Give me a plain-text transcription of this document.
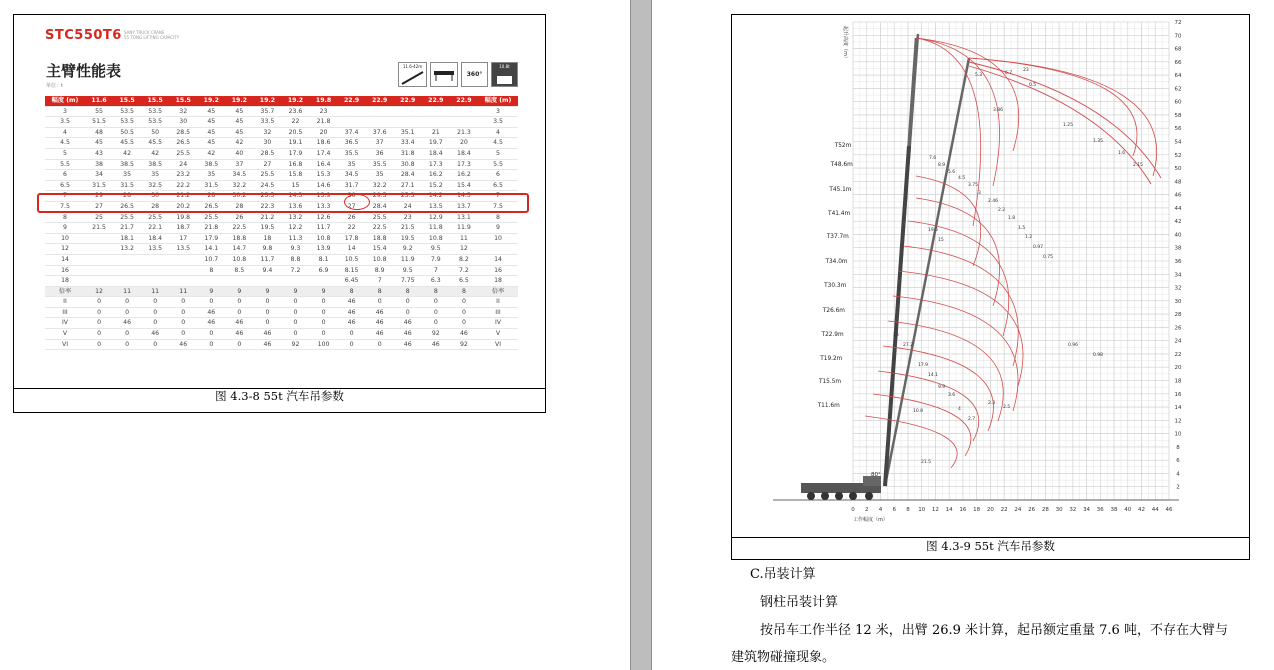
STC550T6 SANY TRUCK CRANE
55 TONG LIFTING CAPACITY
主臂性能表
单位：t
11.6-42m
360°
10.8t
幅度 (m)	11.6	15.5	15.5	15.5	19.2	19.2	19.2	19.2	19.8	22.9	22.9	22.9	22.9	22.9	幅度 (m)
3	55	53.5	53.5	32	45	45	35.7	23.6	23						3
3.5	51.5	53.5	53.5	30	45	45	33.5	22	21.8						3.5
4	48	50.5	50	28.5	45	45	32	20.5	20	37.4	37.6	35.1	21	21.3	4
4.5	45	45.5	45.5	26.5	45	42	30	19.1	18.6	36.5	37	33.4	19.7	20	4.5
5	43	42	42	25.5	42	40	28.5	17.9	17.4	35.5	36	31.8	18.4	18.4	5
5.5	38	38.5	38.5	24	38.5	37	27	16.8	16.4	35	35.5	30.8	17.3	17.3	5.5
6	34	35	35	23.2	35	34.5	25.5	15.8	15.3	34.5	35	28.4	16.2	16.2	6
6.5	31.5	31.5	32.5	22.2	31.5	32.2	24.5	15	14.6	31.7	32.2	27.1	15.2	15.4	6.5
7	29	28	30	21.2	28	30.2	23.5	14.3	13.9	30	29.5	25.3	14.2	14.5	7
7.5	27	26.5	28	20.2	26.5	28	22.3	13.6	13.3	27	28.4	24	13.5	13.7	7.5
8	25	25.5	25.5	19.8	25.5	26	21.2	13.2	12.6	26	25.5	23	12.9	13.1	8
9	21.5	21.7	22.1	18.7	21.8	22.5	19.5	12.2	11.7	22	22.5	21.5	11.8	11.9	9
10		18.1	18.4	17	17.9	18.8	18	11.3	10.8	17.8	18.8	19.5	10.8	11	10
12		13.2	13.5	13.5	14.1	14.7	9.8	9.3	13.9	14	15.4	9.2	9.5	12	
14					10.7	10.8	11.7	8.8	8.1	10.5	10.8	11.9	7.9	8.2	14
16					8	8.5	9.4	7.2	6.9	8.15	8.9	9.5	7	7.2	16
18										6.45	7	7.75	6.3	6.5	18
倍率	12	11	11	11	9	9	9	9	9	8	8	8	8	8	倍率
II	0	0	0	0	0	0	0	0	0	46	0	0	0	0	II
III	0	0	0	0	46	0	0	0	0	46	46	0	0	0	III
IV	0	46	0	0	46	46	0	0	0	46	46	46	0	0	IV
V	0	0	46	0	0	46	46	0	0	0	46	46	92	46	V
VI	0	0	0	46	0	0	46	92	100	0	0	46	46	92	VI
图 4.3-8 55t 汽车吊参数
0 2 4 6 8 10 12 14 16 18 20 22 24 26 28 30 32 34 36 38 40 42 44 46
2
4
6
8
10
12
14
16
18
20
22
24
26
28
30
32
34
36
38
40
42
44
46
48
50
52
54
56
58
60
62
64
66
68
70
72
工作幅度（m）
起升高度（m）
80°
T52m
T48.6m
T45.1m
T41.4m
T37.7m
T34.0m
T30.3m
T26.6m
T22.9m
T19.2m
T15.5m
T11.6m
7.6
8.9
5.6
4.5
3.75
3
2.46
2.2
1.8
1.5
1.2
0.97
0.75
0.5
1.25
1.35
1.6
2.15
3.86
5.3	6.7
23
19.5
15
10.8
21.5
36
27.2
17.9
14.1
9.9
3.6
4
2.7
0.98
0.96
2.3
2.5
图 4.3-9 55t 汽车吊参数
C.吊装计算
钢柱吊装计算
按吊车工作半径 12 米，出臂 26.9 米计算，起吊额定重量 7.6 吨，不存在大臂与
建筑物碰撞现象。
